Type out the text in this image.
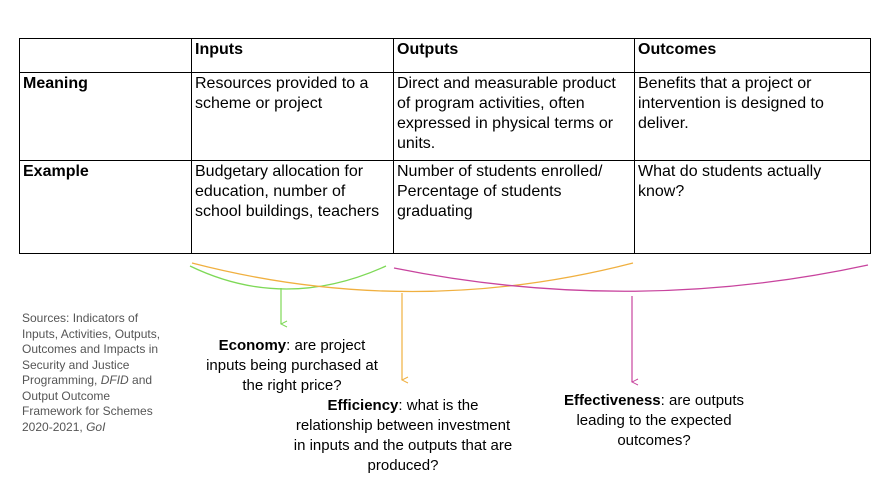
	Inputs	Outputs	Outcomes
Meaning	Resources provided to a scheme or project	Direct and measurable product of program activities, often expressed in physical terms or units.	Benefits that a project or intervention is designed to deliver.
Example	Budgetary allocation for education, number of school buildings, teachers	Number of students enrolled/ Percentage of students graduating	What do students actually know?
Sources: Indicators of Inputs, Activities, Outputs, Outcomes and Impacts in Security and Justice Programming, DFID and Output Outcome Framework for Schemes 2020-2021, GoI
Economy: are project inputs being purchased at the right price?
Efficiency: what is the relationship between investment in inputs and the outputs that are produced?
Effectiveness: are outputs leading to the expected outcomes?
